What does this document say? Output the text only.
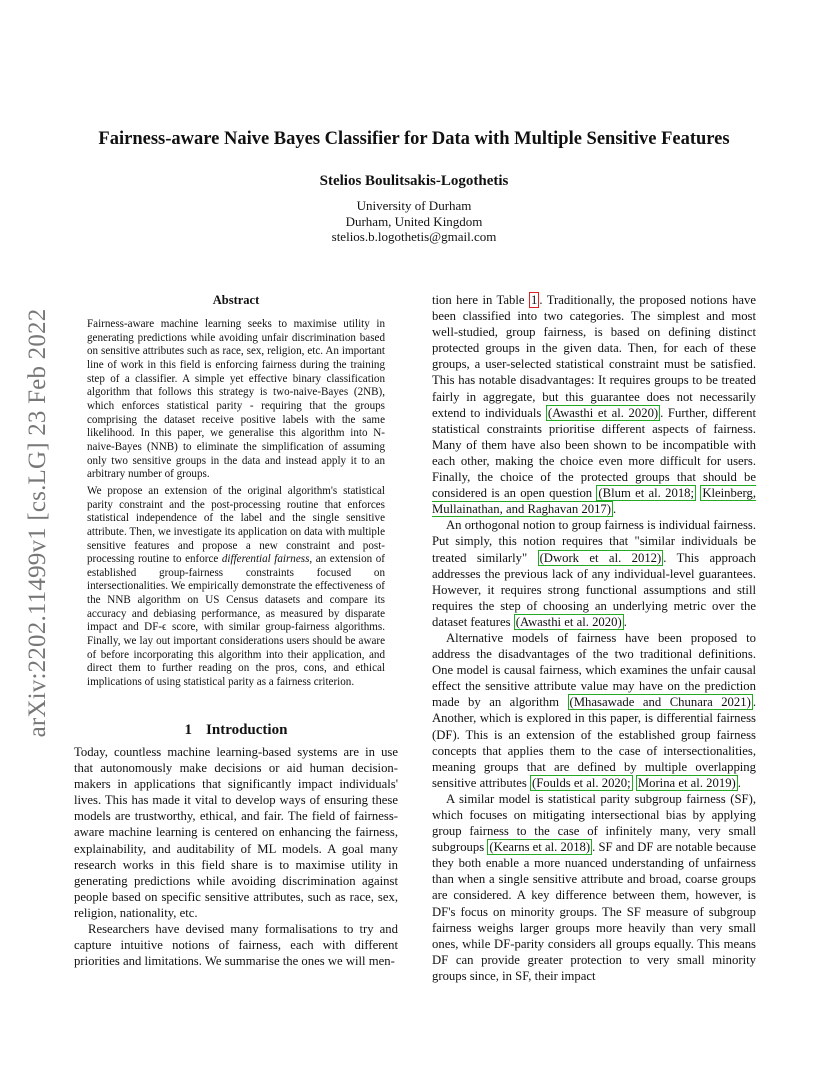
arXiv:2202.11499v1 [cs.LG] 23 Feb 2022
Fairness-aware Naive Bayes Classifier for Data with Multiple Sensitive Features
Stelios Boulitsakis-Logothetis
University of Durham
Durham, United Kingdom
stelios.b.logothetis@gmail.com
Abstract

Fairness-aware machine learning seeks to maximise utility in generating predictions while avoiding unfair discrimination based on sensitive attributes such as race, sex, religion, etc. An important line of work in this field is enforcing fairness during the training step of a classifier. A simple yet effective binary classification algorithm that follows this strategy is two-naive-Bayes (2NB), which enforces statistical parity - requiring that the groups comprising the dataset receive positive labels with the same likelihood. In this paper, we generalise this algorithm into N-naive-Bayes (NNB) to eliminate the simplification of assuming only two sensitive groups in the data and instead apply it to an arbitrary number of groups.

We propose an extension of the original algorithm's statistical parity constraint and the post-processing routine that enforces statistical independence of the label and the single sensitive attribute. Then, we investigate its application on data with multiple sensitive features and propose a new constraint and post-processing routine to enforce differential fairness, an extension of established group-fairness constraints focused on intersectionalities. We empirically demonstrate the effectiveness of the NNB algorithm on US Census datasets and compare its accuracy and debiasing performance, as measured by disparate impact and DF-ϵ score, with similar group-fairness algorithms. Finally, we lay out important considerations users should be aware of before incorporating this algorithm into their application, and direct them to further reading on the pros, cons, and ethical implications of using statistical parity as a fairness criterion.

1 Introduction

Today, countless machine learning-based systems are in use that autonomously make decisions or aid human decision-makers in applications that significantly impact individuals' lives. This has made it vital to develop ways of ensuring these models are trustworthy, ethical, and fair. The field of fairness-aware machine learning is centered on enhancing the fairness, explainability, and auditability of ML models. A goal many research works in this field share is to maximise utility in generating predictions while avoiding discrimination against people based on specific sensitive attributes, such as race, sex, religion, nationality, etc.

Researchers have devised many formalisations to try and capture intuitive notions of fairness, each with different priorities and limitations. We summarise the ones we will men-

tion here in Table 1 . Traditionally, the proposed notions have been classified into two categories. The simplest and most well-studied, group fairness, is based on defining distinct protected groups in the given data. Then, for each of these groups, a user-selected statistical constraint must be satisfied. This has notable disadvantages: It requires groups to be treated fairly in aggregate, but this guarantee does not necessarily extend to individuals (Awasthi et al. 2020) . Further, different statistical constraints prioritise different aspects of fairness. Many of them have also been shown to be incompatible with each other, making the choice even more difficult for users. Finally, the choice of the protected groups that should be considered is an open question (Blum et al. 2018; Kleinberg, Mullainathan, and Raghavan 2017) .

An orthogonal notion to group fairness is individual fairness. Put simply, this notion requires that "similar individuals be treated similarly" (Dwork et al. 2012) . This approach addresses the previous lack of any individual-level guarantees. However, it requires strong functional assumptions and still requires the step of choosing an underlying metric over the dataset features (Awasthi et al. 2020) .

Alternative models of fairness have been proposed to address the disadvantages of the two traditional definitions. One model is causal fairness, which examines the unfair causal effect the sensitive attribute value may have on the prediction made by an algorithm (Mhasawade and Chunara 2021) . Another, which is explored in this paper, is differential fairness (DF). This is an extension of the established group fairness concepts that applies them to the case of intersectionalities, meaning groups that are defined by multiple overlapping sensitive attributes (Foulds et al. 2020; Morina et al. 2019) .

A similar model is statistical parity subgroup fairness (SF), which focuses on mitigating intersectional bias by applying group fairness to the case of infinitely many, very small subgroups (Kearns et al. 2018) . SF and DF are notable because they both enable a more nuanced understanding of unfairness than when a single sensitive attribute and broad, coarse groups are considered. A key difference between them, however, is DF's focus on minority groups. The SF measure of subgroup fairness weighs larger groups more heavily than very small ones, while DF-parity considers all groups equally. This means DF can provide greater protection to very small minority groups since, in SF, their impact
